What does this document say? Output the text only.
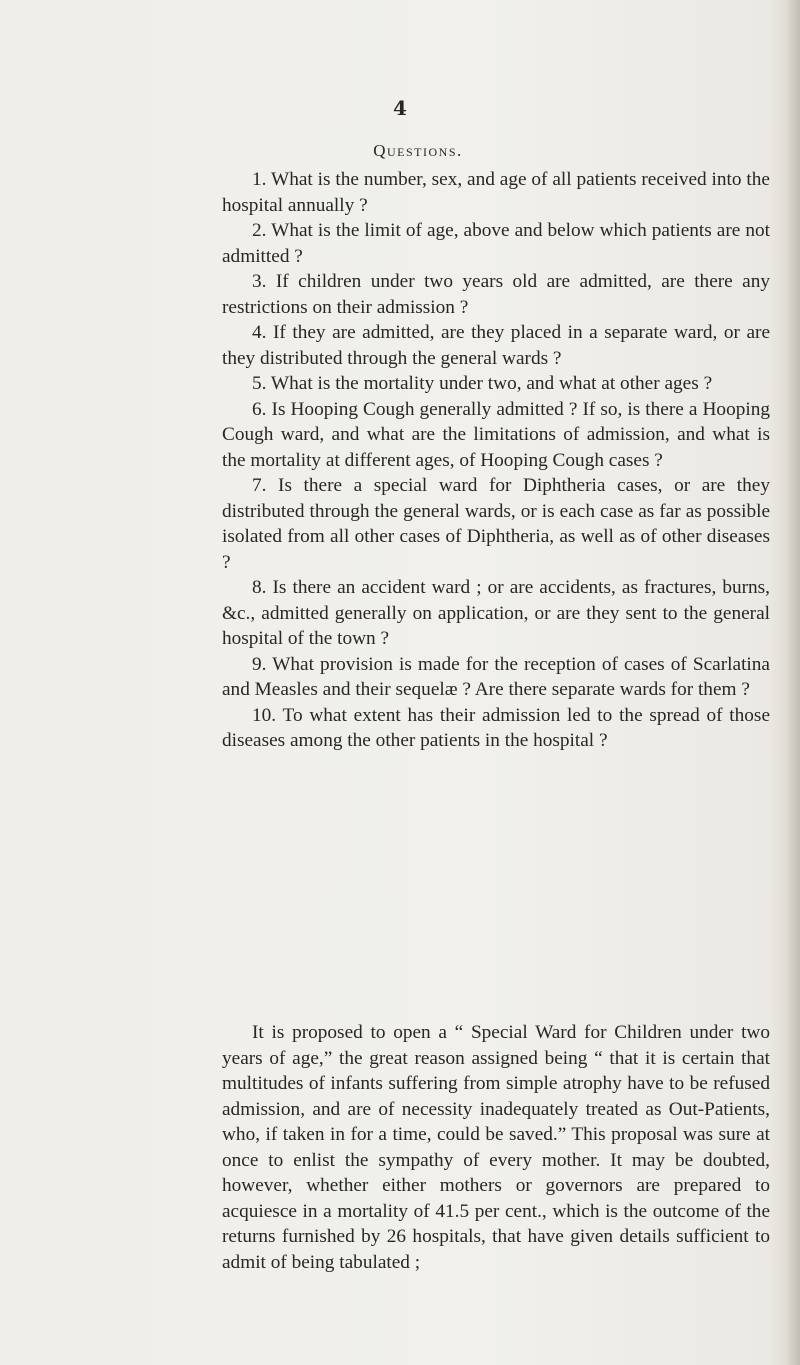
4
Questions.

1. What is the number, sex, and age of all patients received into the hospital annually ?

2. What is the limit of age, above and below which patients are not admitted ?

3. If children under two years old are admitted, are there any restrictions on their admission ?

4. If they are admitted, are they placed in a separate ward, or are they distributed through the general wards ?

5. What is the mortality under two, and what at other ages ?

6. Is Hooping Cough generally admitted ? If so, is there a Hooping Cough ward, and what are the limitations of admission, and what is the mortality at different ages, of Hooping Cough cases ?

7. Is there a special ward for Diphtheria cases, or are they distributed through the general wards, or is each case as far as possible isolated from all other cases of Diphtheria, as well as of other diseases ?

8. Is there an accident ward ; or are accidents, as fractures, burns, &c., admitted generally on application, or are they sent to the general hospital of the town ?

9. What provision is made for the reception of cases of Scarlatina and Measles and their sequelæ ? Are there separate wards for them ?

10. To what extent has their admission led to the spread of those diseases among the other patients in the hospital ?

It is proposed to open a “ Special Ward for Children under two years of age,” the great reason assigned being “ that it is certain that multitudes of infants suffering from simple atrophy have to be refused admission, and are of necessity inadequately treated as Out-Patients, who, if taken in for a time, could be saved.” This proposal was sure at once to enlist the sympathy of every mother. It may be doubted, however, whether either mothers or governors are prepared to acquiesce in a mortality of 41.5 per cent., which is the outcome of the returns furnished by 26 hospitals, that have given details sufficient to admit of being tabulated ;
